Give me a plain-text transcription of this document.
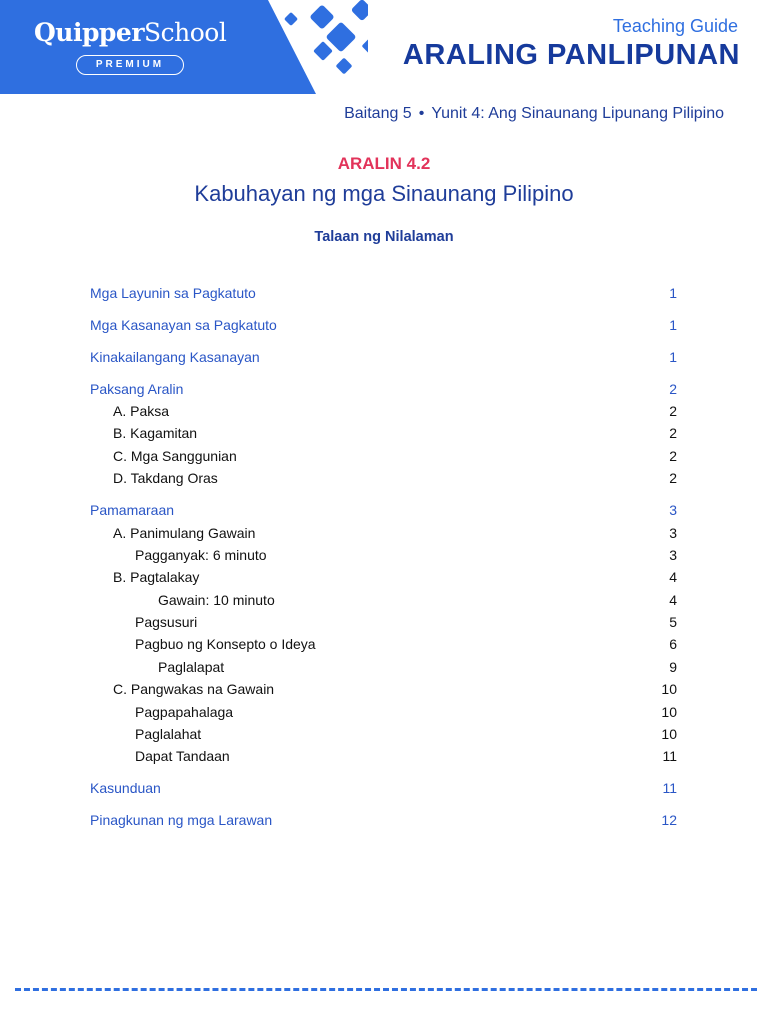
QuipperSchool
PREMIUM
Teaching Guide
ARALING PANLIPUNAN
Baitang 5 • Yunit 4: Ang Sinaunang Lipunang Pilipino
ARALIN 4.2
Kabuhayan ng mga Sinaunang Pilipino
Talaan ng Nilalaman
Mga Layunin sa Pagkatuto	1
Mga Kasanayan sa Pagkatuto	1
Kinakailangang Kasanayan	1
Paksang Aralin	2
A. Paksa	2
B. Kagamitan	2
C. Mga Sanggunian	2
D. Takdang Oras	2
Pamamaraan	3
A. Panimulang Gawain	3
Pagganyak: 6 minuto	3
B. Pagtalakay	4
Gawain: 10 minuto	4
Pagsusuri	5
Pagbuo ng Konsepto o Ideya	6
Paglalapat	9
C. Pangwakas na Gawain	10
Pagpapahalaga	10
Paglalahat	10
Dapat Tandaan	11
Kasunduan	11
Pinagkunan ng mga Larawan	12
